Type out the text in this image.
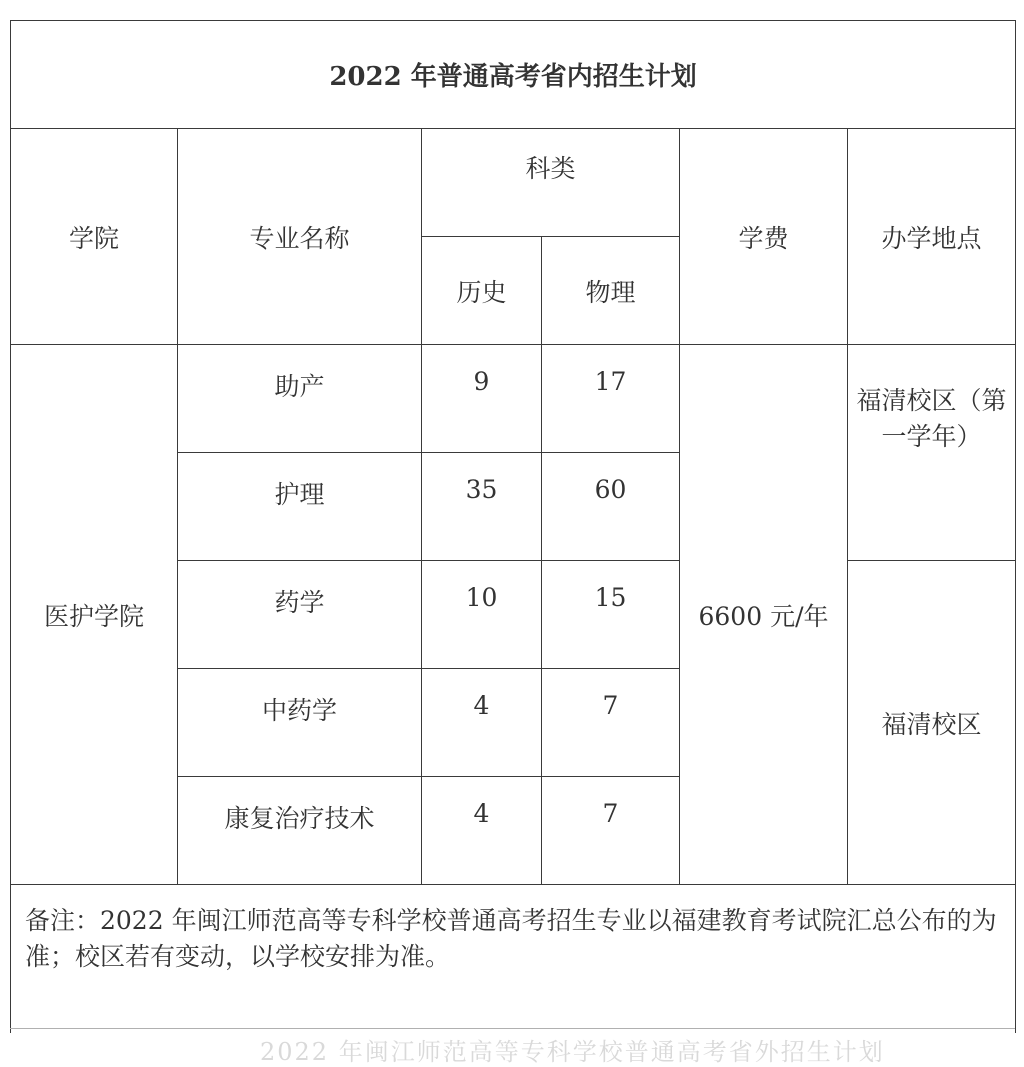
2022 年普通高考省内招生计划					
学院	专业名称	科类		学费	办学地点
		历史	物理		
医护学院	助产	9	17	6600 元/年	福清校区（第一学年）
	护理	35	60		
	药学	10	15		福清校区
	中药学	4	7		
	康复治疗技术	4	7		
备注：2022 年闽江师范高等专科学校普通高考招生专业以福建教育考试院汇总公布的为准；校区若有变动，以学校安排为准。					
2022 年闽江师范高等专科学校普通高考省外招生计划
